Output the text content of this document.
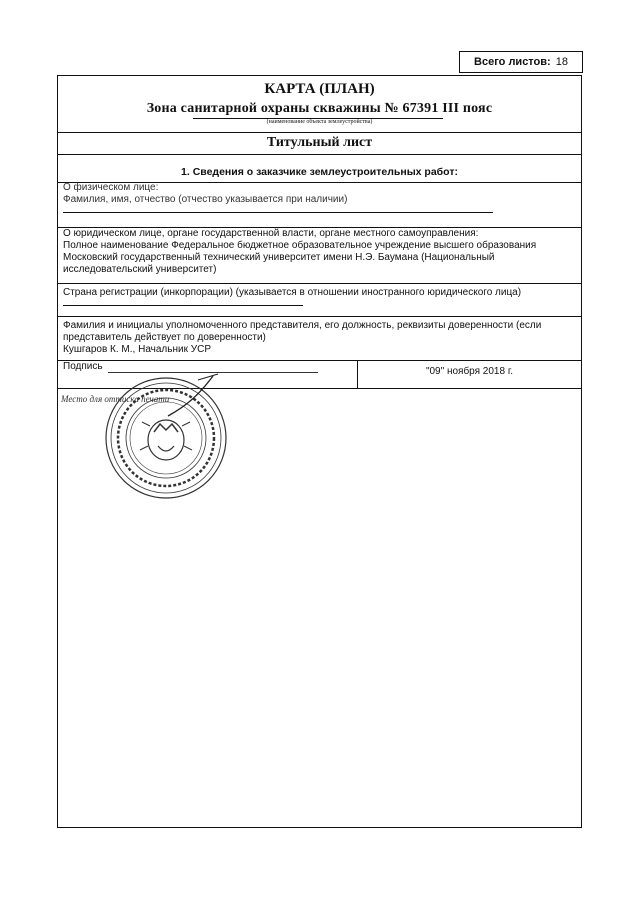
Всего листов: 18
КАРТА (ПЛАН)
Зона санитарной охраны скважины № 67391 III пояс
(наименование объекта землеустройства)
Титульный лист
1. Сведения о заказчике землеустроительных работ:
О физическом лице:
Фамилия, имя, отчество (отчество указывается при наличии)
О юридическом лице, органе государственной власти, органе местного самоуправления:
Полное наименование Федеральное бюджетное образовательное учреждение высшего образования
Московский государственный технический университет имени Н.Э. Баумана (Национальный
исследовательский университет)
Страна регистрации (инкорпорации) (указывается в отношении иностранного юридического лица)
Фамилия и инициалы уполномоченного представителя, его должность, реквизиты доверенности (если
представитель действует по доверенности)
Кушгаров К. М., Начальник УСР
Подпись	"09" ноября 2018 г.
Место для оттиска печати
